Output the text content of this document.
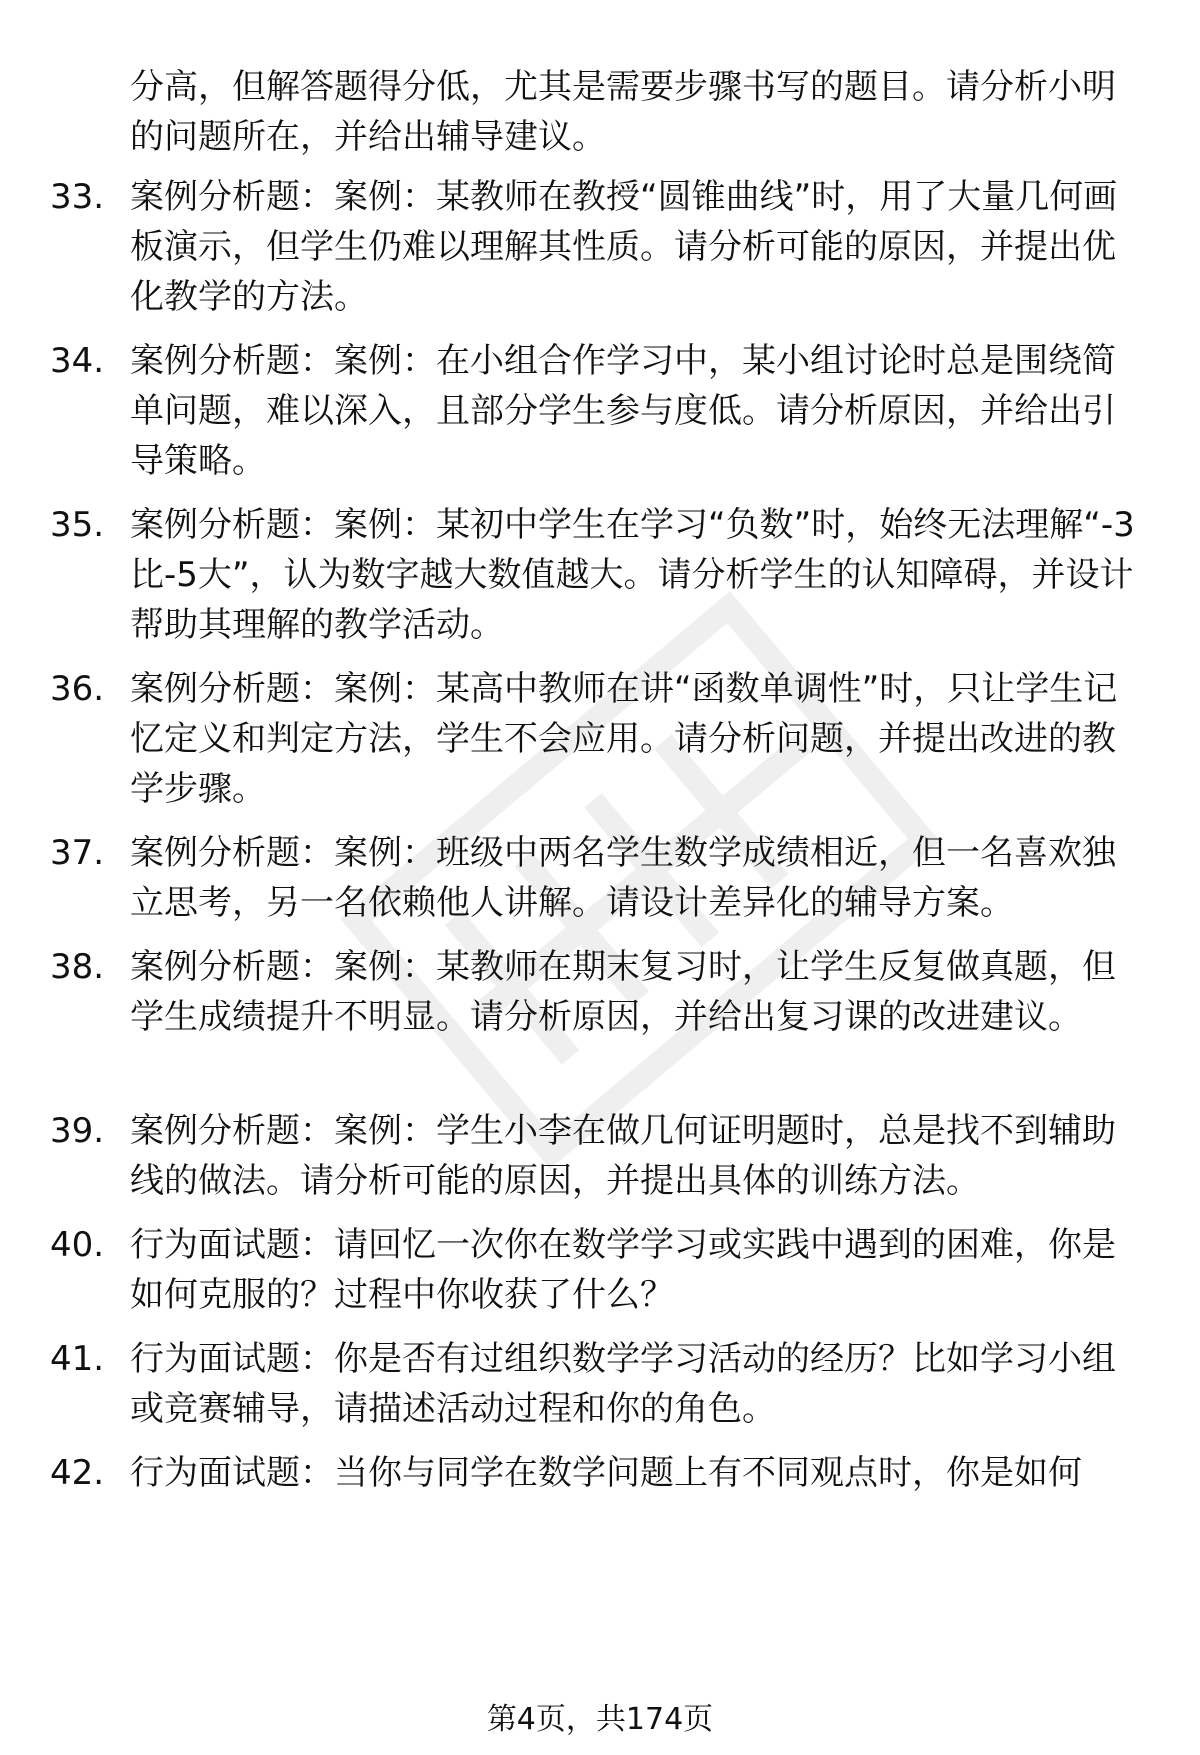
分高，但解答题得分低，尤其是需要步骤书写的题目。请分析小明的问题所在，并给出辅导建议。
33. 案例分析题：案例：某教师在教授“圆锥曲线”时，用了大量几何画板演示，但学生仍难以理解其性质。请分析可能的原因，并提出优化教学的方法。
34. 案例分析题：案例：在小组合作学习中，某小组讨论时总是围绕简单问题，难以深入，且部分学生参与度低。请分析原因，并给出引导策略。
35. 案例分析题：案例：某初中学生在学习“负数”时，始终无法理解“-3比-5大”，认为数字越大数值越大。请分析学生的认知障碍，并设计帮助其理解的教学活动。
36. 案例分析题：案例：某高中教师在讲“函数单调性”时，只让学生记忆定义和判定方法，学生不会应用。请分析问题，并提出改进的教学步骤。
37. 案例分析题：案例：班级中两名学生数学成绩相近，但一名喜欢独立思考，另一名依赖他人讲解。请设计差异化的辅导方案。
38. 案例分析题：案例：某教师在期末复习时，让学生反复做真题，但学生成绩提升不明显。请分析原因，并给出复习课的改进建议。
39. 案例分析题：案例：学生小李在做几何证明题时，总是找不到辅助线的做法。请分析可能的原因，并提出具体的训练方法。
40. 行为面试题：请回忆一次你在数学学习或实践中遇到的困难，你是如何克服的？过程中你收获了什么？
41. 行为面试题：你是否有过组织数学学习活动的经历？比如学习小组或竞赛辅导，请描述活动过程和你的角色。
42. 行为面试题：当你与同学在数学问题上有不同观点时，你是如何
第4页，共174页
